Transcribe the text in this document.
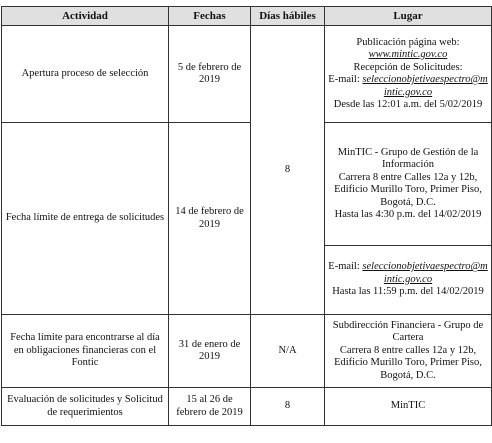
Actividad	Fechas	Días hábiles	Lugar
Apertura proceso de selección	5 de febrero de 2019	8	Publicación página web: www.mintic.gov.co
Recepción de Solicitudes:
E-mail: seleccionobjetivaespectro@mintic.gov.co
Desde las 12:01 a.m. del 5/02/2019

Fecha límite de entrega de solicitudes	14 de febrero de 2019		MinTIC - Grupo de Gestión de la Información
Carrera 8 entre Calles 12a y 12b, Edificio Murillo Toro, Primer Piso, Bogotá, D.C.
Hasta las 4:30 p.m. del 14/02/2019

			E-mail: seleccionobjetivaespectro@mintic.gov.co
Hasta las 11:59 p.m. del 14/02/2019

Fecha límite para encontrarse al día en obligaciones financieras con el Fontic	31 de enero de 2019	N/A	Subdirección Financiera - Grupo de Cartera
Carrera 8 entre calles 12a y 12b, Edificio Murillo Toro, Primer Piso, Bogotá, D.C.

Evaluación de solicitudes y Solicitud de requerimientos	15 al 26 de febrero de 2019	8	MinTIC
